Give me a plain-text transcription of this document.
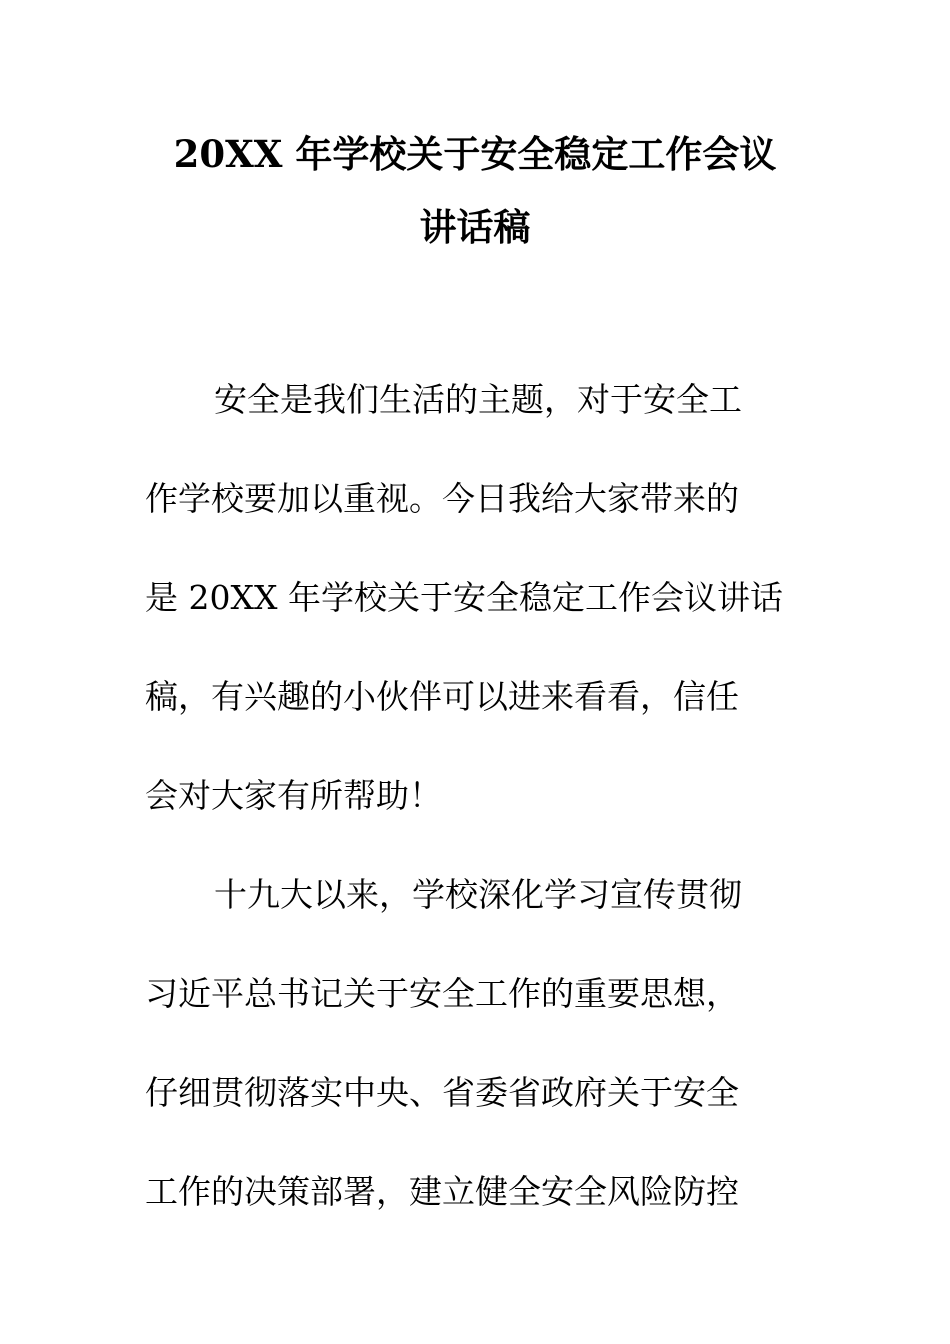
20XX 年学校关于安全稳定工作会议
讲话稿

安全是我们生活的主题，对于安全工

作学校要加以重视。今日我给大家带来的

是 20XX 年学校关于安全稳定工作会议讲话

稿，有兴趣的小伙伴可以进来看看，信任

会对大家有所帮助！

十九大以来，学校深化学习宣传贯彻

习近平总书记关于安全工作的重要思想，

仔细贯彻落实中央、省委省政府关于安全

工作的决策部署，建立健全安全风险防控
